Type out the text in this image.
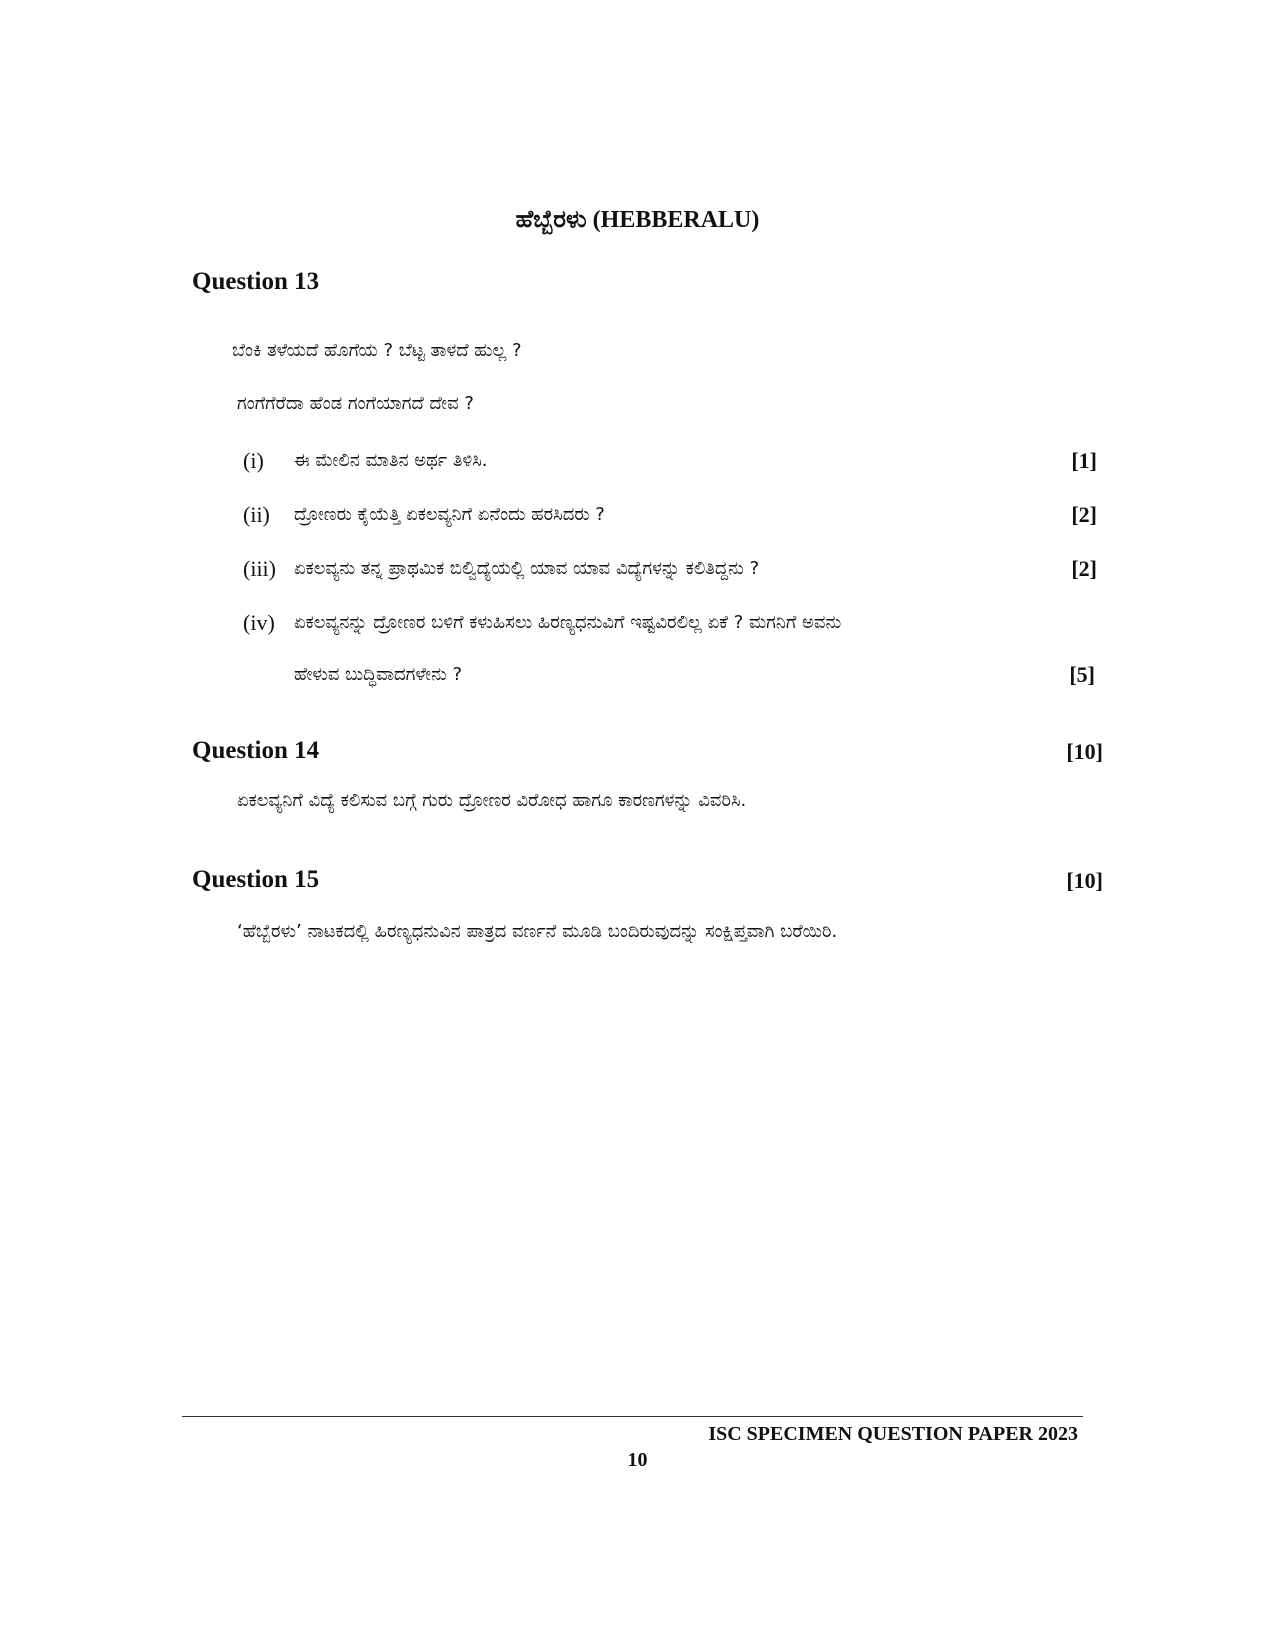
ಹೆಬ್ಬೆರಳು (HEBBERALU)
Question 13
ಬೆಂಕಿ ತಳೆಯದೆ ಹೊಗೆಯ ? ಬೆಟ್ಟ ತಾಳದೆ ಹುಲ್ಲ ?
ಗಂಗೆಗೆರೆದಾ ಹೆಂಡ ಗಂಗೆಯಾಗದೆ ದೇವ ?
(i) ಈ ಮೇಲಿನ ಮಾತಿನ ಅರ್ಥ ತಿಳಿಸಿ.	[1]
(ii) ದ್ರೋಣರು ಕೈಯೆತ್ತಿ ಏಕಲವ್ಯನಿಗೆ ಏನೆಂದು ಹರಸಿದರು ?	[2]
(iii) ಏಕಲವ್ಯನು ತನ್ನ ಪ್ರಾಥಮಿಕ ಬಿಲ್ವಿದ್ಯೆಯಲ್ಲಿ ಯಾವ ಯಾವ ವಿದ್ಯೆಗಳನ್ನು ಕಲಿತಿದ್ದನು ?	[2]
(iv) ಏಕಲವ್ಯನನ್ನು ದ್ರೋಣರ ಬಳಿಗೆ ಕಳುಹಿಸಲು ಹಿರಣ್ಯಧನುವಿಗೆ ಇಷ್ಟವಿರಲಿಲ್ಲ ಏಕೆ ? ಮಗನಿಗೆ ಅವನು
ಹೇಳುವ ಬುದ್ಧಿವಾದಗಳೇನು ?	[5]
Question 14	[10]
ಏಕಲವ್ಯನಿಗೆ ವಿದ್ಯೆ ಕಲಿಸುವ ಬಗ್ಗೆ ಗುರು ದ್ರೋಣರ ವಿರೋಧ ಹಾಗೂ ಕಾರಣಗಳನ್ನು ವಿವರಿಸಿ.
Question 15	[10]
‘ಹೆಬ್ಬೆರಳು’ ನಾಟಕದಲ್ಲಿ ಹಿರಣ್ಯಧನುವಿನ ಪಾತ್ರದ ವರ್ಣನೆ ಮೂಡಿ ಬಂದಿರುವುದನ್ನು ಸಂಕ್ಷಿಪ್ತವಾಗಿ ಬರೆಯಿರಿ.
ISC SPECIMEN QUESTION PAPER 2023
10
